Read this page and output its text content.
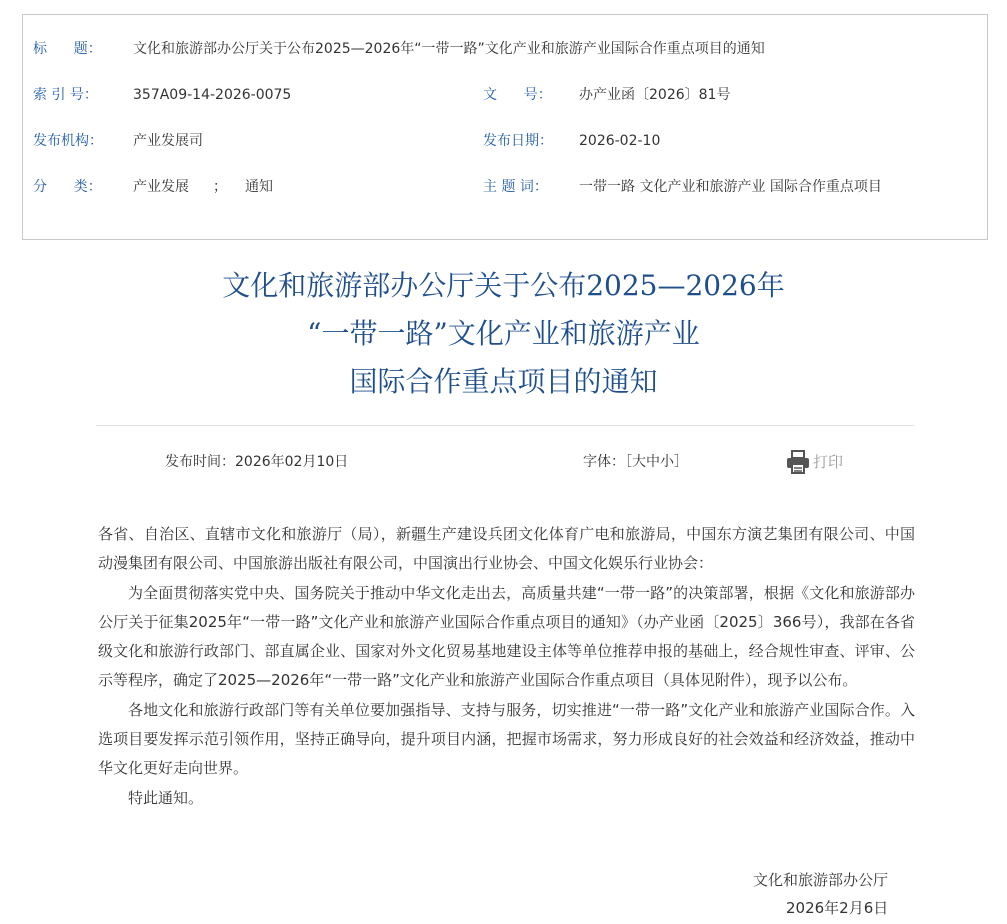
标      题： 文化和旅游部办公厅关于公布2025—2026年“一带一路”文化产业和旅游产业国际合作重点项目的通知
索 引 号：	357A09-14-2026-0075	文      号： 办产业函〔2026〕81号
发布机构： 产业发展司	发布日期： 2026-02-10
分      类： 产业发展 ； 通知	主 题 词： 一带一路 文化产业和旅游产业 国际合作重点项目
文化和旅游部办公厅关于公布2025—2026年
“一带一路”文化产业和旅游产业
国际合作重点项目的通知
发布时间：2026年02月10日	字体：［大中小］	打印

各省、自治区、直辖市文化和旅游厅（局），新疆生产建设兵团文化体育广电和旅游局，中国东方演艺集团有限公司、中国动漫集团有限公司、中国旅游出版社有限公司，中国演出行业协会、中国文化娱乐行业协会：

为全面贯彻落实党中央、国务院关于推动中华文化走出去，高质量共建“一带一路”的决策部署，根据《文化和旅游部办公厅关于征集2025年“一带一路”文化产业和旅游产业国际合作重点项目的通知》（办产业函〔2025〕366号），我部在各省级文化和旅游行政部门、部直属企业、国家对外文化贸易基地建设主体等单位推荐申报的基础上，经合规性审查、评审、公示等程序，确定了2025—2026年“一带一路”文化产业和旅游产业国际合作重点项目（具体见附件），现予以公布。

各地文化和旅游行政部门等有关单位要加强指导、支持与服务，切实推进“一带一路”文化产业和旅游产业国际合作。入选项目要发挥示范引领作用，坚持正确导向，提升项目内涵，把握市场需求，努力形成良好的社会效益和经济效益，推动中华文化更好走向世界。

特此通知。

文化和旅游部办公厅
2026年2月6日
